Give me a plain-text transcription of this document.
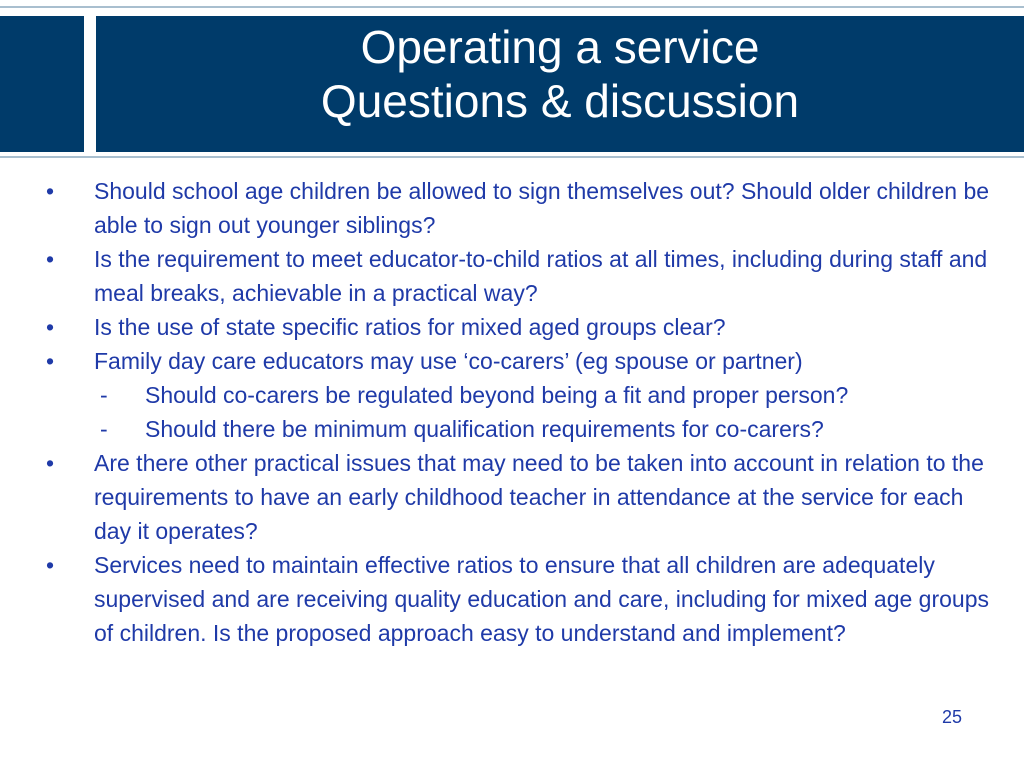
Operating a service
Questions & discussion
• Should school age children be allowed to sign themselves out? Should older children be able to sign out younger siblings?
• Is the requirement to meet educator-to-child ratios at all times, including during staff and meal breaks, achievable in a practical way?
• Is the use of state specific ratios for mixed aged groups clear?
• Family day care educators may use ‘co-carers’ (eg spouse or partner)
- Should co-carers be regulated beyond being a fit and proper person?
- Should there be minimum qualification requirements for co-carers?
• Are there other practical issues that may need to be taken into account in relation to the requirements to have an early childhood teacher in attendance at the service for each day it operates?
• Services need to maintain effective ratios to ensure that all children are adequately supervised and are receiving quality education and care, including for mixed age groups of children. Is the proposed approach easy to understand and implement?
25
